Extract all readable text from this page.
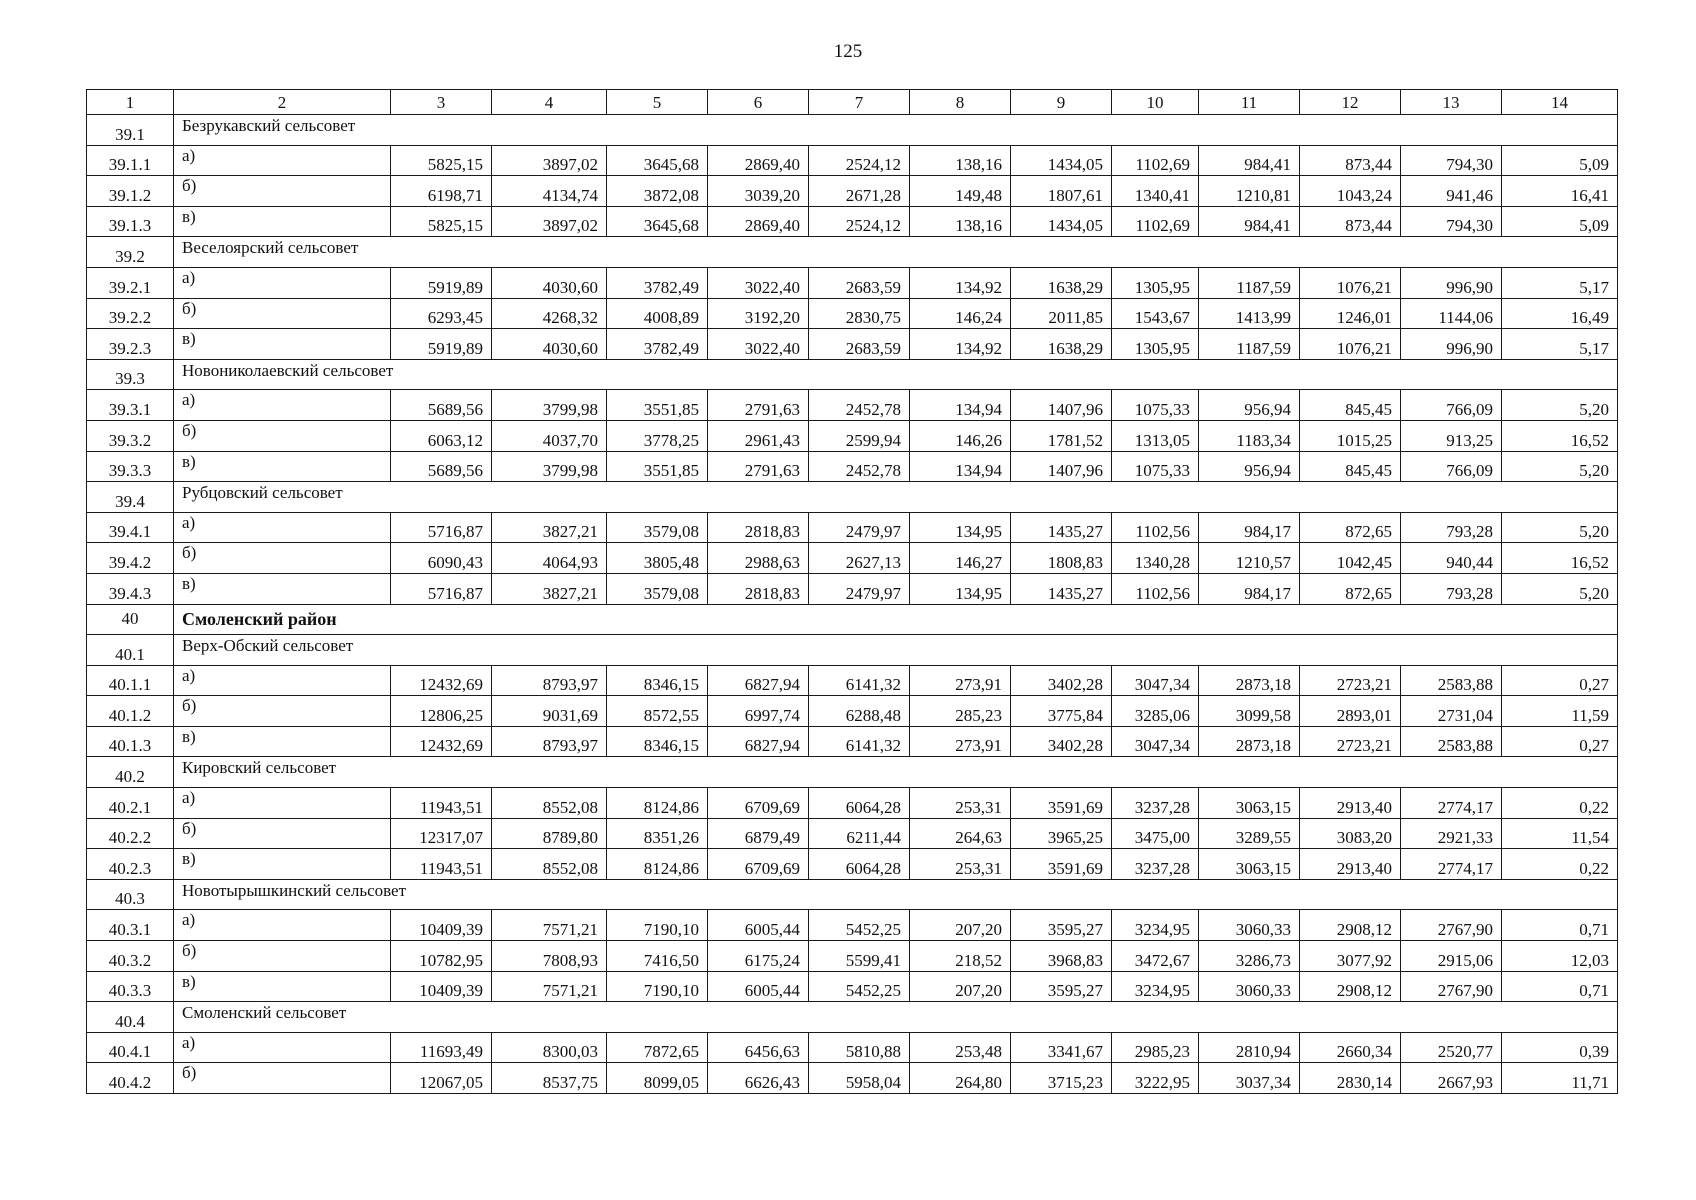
125
1	2	3	4	5	6	7	8	9	10	11	12	13	14
39.1	Безрукавский сельсовет												
39.1.1	а)	5825,15	3897,02	3645,68	2869,40	2524,12	138,16	1434,05	1102,69	984,41	873,44	794,30	5,09
39.1.2	б)	6198,71	4134,74	3872,08	3039,20	2671,28	149,48	1807,61	1340,41	1210,81	1043,24	941,46	16,41
39.1.3	в)	5825,15	3897,02	3645,68	2869,40	2524,12	138,16	1434,05	1102,69	984,41	873,44	794,30	5,09
39.2	Веселоярский сельсовет												
39.2.1	а)	5919,89	4030,60	3782,49	3022,40	2683,59	134,92	1638,29	1305,95	1187,59	1076,21	996,90	5,17
39.2.2	б)	6293,45	4268,32	4008,89	3192,20	2830,75	146,24	2011,85	1543,67	1413,99	1246,01	1144,06	16,49
39.2.3	в)	5919,89	4030,60	3782,49	3022,40	2683,59	134,92	1638,29	1305,95	1187,59	1076,21	996,90	5,17
39.3	Новониколаевский сельсовет												
39.3.1	а)	5689,56	3799,98	3551,85	2791,63	2452,78	134,94	1407,96	1075,33	956,94	845,45	766,09	5,20
39.3.2	б)	6063,12	4037,70	3778,25	2961,43	2599,94	146,26	1781,52	1313,05	1183,34	1015,25	913,25	16,52
39.3.3	в)	5689,56	3799,98	3551,85	2791,63	2452,78	134,94	1407,96	1075,33	956,94	845,45	766,09	5,20
39.4	Рубцовский сельсовет												
39.4.1	а)	5716,87	3827,21	3579,08	2818,83	2479,97	134,95	1435,27	1102,56	984,17	872,65	793,28	5,20
39.4.2	б)	6090,43	4064,93	3805,48	2988,63	2627,13	146,27	1808,83	1340,28	1210,57	1042,45	940,44	16,52
39.4.3	в)	5716,87	3827,21	3579,08	2818,83	2479,97	134,95	1435,27	1102,56	984,17	872,65	793,28	5,20
40	Смоленский район												
40.1	Верх-Обский сельсовет												
40.1.1	а)	12432,69	8793,97	8346,15	6827,94	6141,32	273,91	3402,28	3047,34	2873,18	2723,21	2583,88	0,27
40.1.2	б)	12806,25	9031,69	8572,55	6997,74	6288,48	285,23	3775,84	3285,06	3099,58	2893,01	2731,04	11,59
40.1.3	в)	12432,69	8793,97	8346,15	6827,94	6141,32	273,91	3402,28	3047,34	2873,18	2723,21	2583,88	0,27
40.2	Кировский сельсовет												
40.2.1	а)	11943,51	8552,08	8124,86	6709,69	6064,28	253,31	3591,69	3237,28	3063,15	2913,40	2774,17	0,22
40.2.2	б)	12317,07	8789,80	8351,26	6879,49	6211,44	264,63	3965,25	3475,00	3289,55	3083,20	2921,33	11,54
40.2.3	в)	11943,51	8552,08	8124,86	6709,69	6064,28	253,31	3591,69	3237,28	3063,15	2913,40	2774,17	0,22
40.3	Новотырышкинский сельсовет												
40.3.1	а)	10409,39	7571,21	7190,10	6005,44	5452,25	207,20	3595,27	3234,95	3060,33	2908,12	2767,90	0,71
40.3.2	б)	10782,95	7808,93	7416,50	6175,24	5599,41	218,52	3968,83	3472,67	3286,73	3077,92	2915,06	12,03
40.3.3	в)	10409,39	7571,21	7190,10	6005,44	5452,25	207,20	3595,27	3234,95	3060,33	2908,12	2767,90	0,71
40.4	Смоленский сельсовет												
40.4.1	а)	11693,49	8300,03	7872,65	6456,63	5810,88	253,48	3341,67	2985,23	2810,94	2660,34	2520,77	0,39
40.4.2	б)	12067,05	8537,75	8099,05	6626,43	5958,04	264,80	3715,23	3222,95	3037,34	2830,14	2667,93	11,71
